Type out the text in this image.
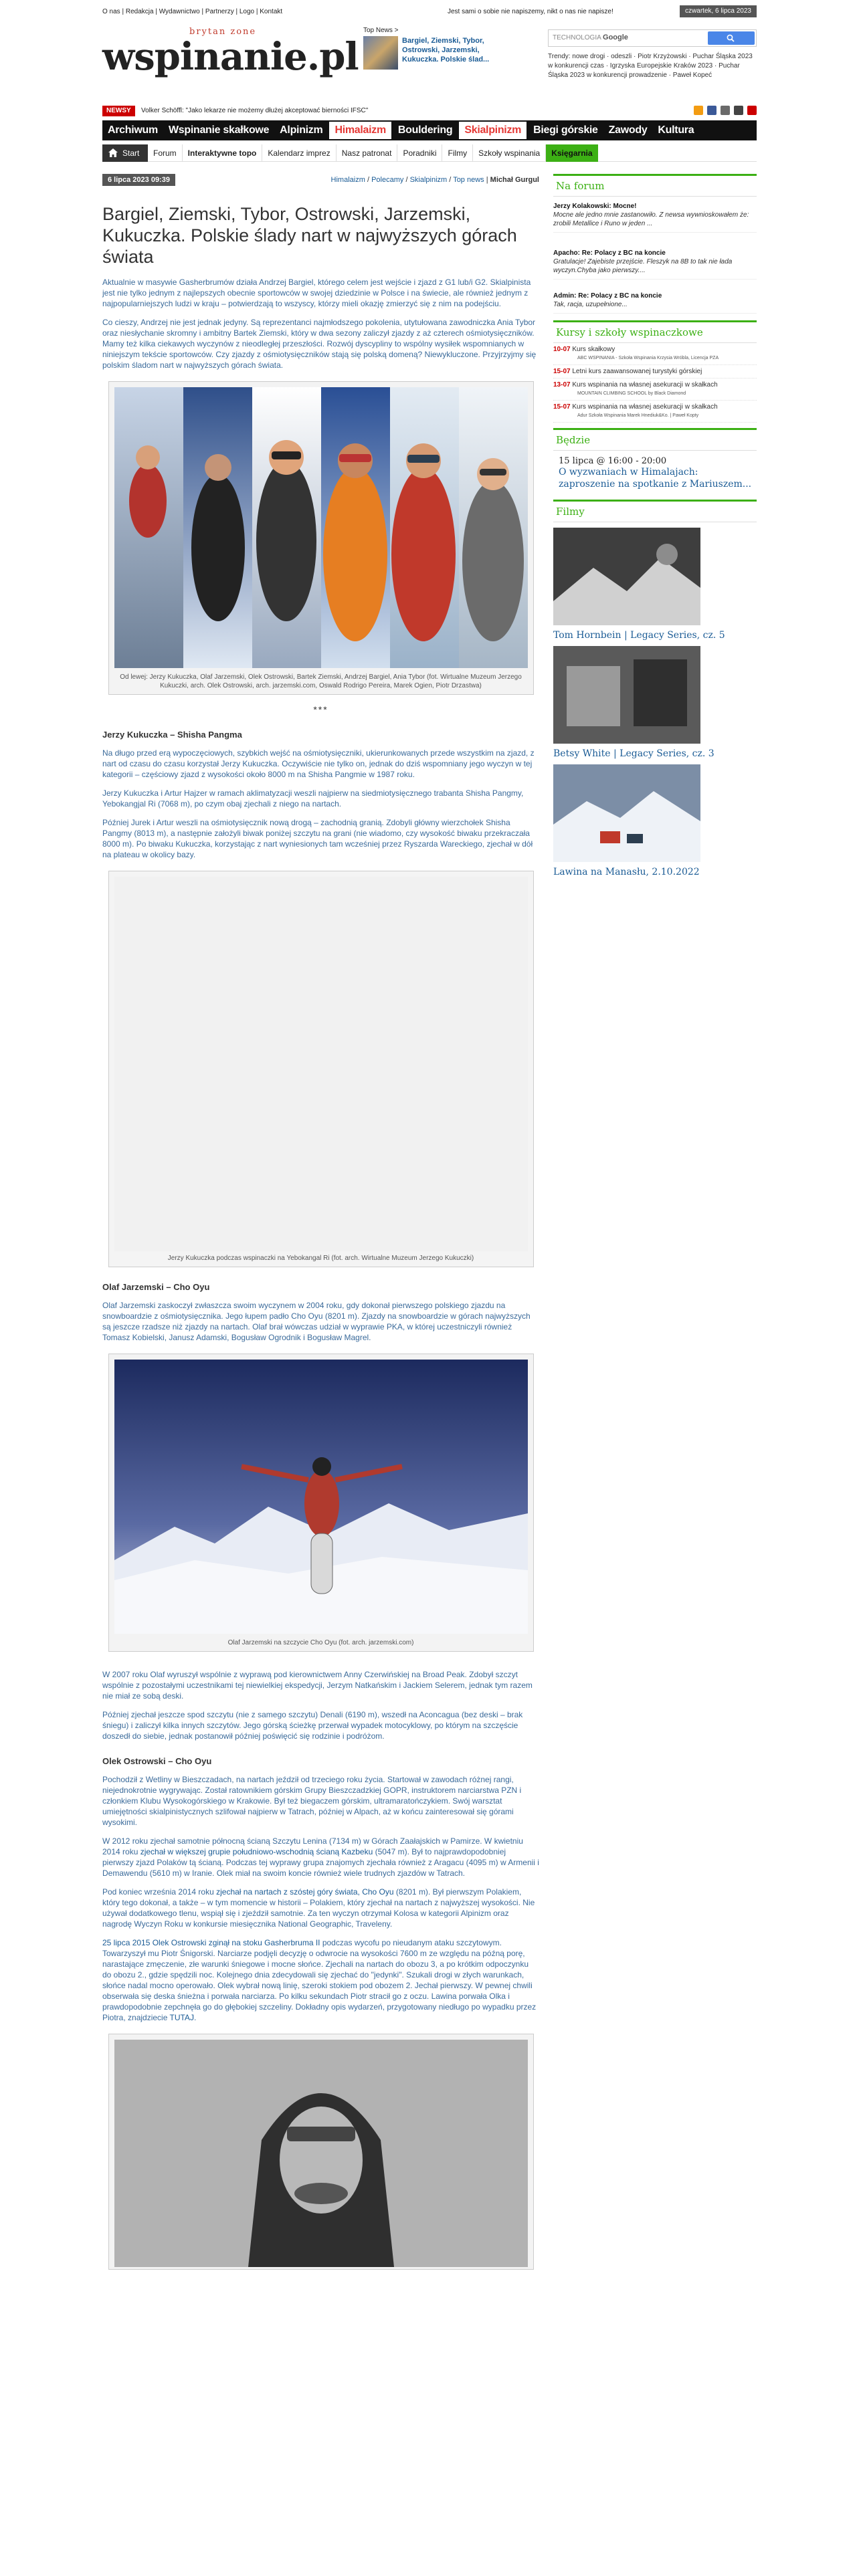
O nas | Redakcja | Wydawnictwo | Partnerzy | Logo | Kontakt	Jest sami o sobie nie napiszemy, nikt o nas nie napisze!	czwartek, 6 lipca 2023
brytan zone
wspinanie.pl
Top News >
Bargiel, Ziemski, Tybor, Ostrowski, Jarzemski, Kukuczka. Polskie ślad...
TECHNOLOGIA Google
Trendy: nowe drogi · odeszli · Piotr Krzyżowski · Puchar Śląska 2023 w konkurencji czas · Igrzyska Europejskie Kraków 2023 · Puchar Śląska 2023 w konkurencji prowadzenie · Paweł Kopeć
NEWSY	Volker Schöffl: "Jako lekarze nie możemy dłużej akceptować bierności IFSC"

Archiwum	Wspinanie skałkowe	Alpinizm	Himalaizm	Bouldering	Skialpinizm	Biegi górskie	Zawody	Kultura
Start	Forum	Interaktywne topo	Kalendarz imprez	Nasz patronat	Poradniki	Filmy	Szkoły wspinania	Księgarnia
6 lipca 2023 09:39	Himalaizm / Polecamy / Skialpinizm / Top news | Michał Gurgul
Bargiel, Ziemski, Tybor, Ostrowski, Jarzemski, Kukuczka. Polskie ślady nart w najwyższych górach świata

Aktualnie w masywie Gasherbrumów działa Andrzej Bargiel, którego celem jest wejście i zjazd z G1 lub/i G2. Skialpinista jest nie tylko jednym z najlepszych obecnie sportowców w swojej dziedzinie w Polsce i na świecie, ale również jednym z najpopularniejszych ludzi w kraju – potwierdzają to wszyscy, którzy mieli okazję zmierzyć się z nim na podejściu.

Co cieszy, Andrzej nie jest jednak jedyny. Są reprezentanci najmłodszego pokolenia, utytułowana zawodniczka Ania Tybor oraz niesłychanie skromny i ambitny Bartek Ziemski, który w dwa sezony zaliczył zjazdy z aż czterech ośmiotysięczników. Mamy też kilka ciekawych wyczynów z nieodległej przeszłości. Rozwój dyscypliny to wspólny wysiłek wspomnianych w niniejszym tekście sportowców. Czy zjazdy z ośmiotysięczników stają się polską domeną? Niewykluczone. Przyjrzyjmy się polskim śladom nart w najwyższych górach świata.

Od lewej: Jerzy Kukuczka, Olaf Jarzemski, Olek Ostrowski, Bartek Ziemski, Andrzej Bargiel, Ania Tybor (fot. Wirtualne Muzeum Jerzego Kukuczki, arch. Olek Ostrowski, arch. jarzemski.com, Oswald Rodrigo Pereira, Marek Ogien, Piotr Drzastwa)
***
Jerzy Kukuczka – Shisha Pangma

Na długo przed erą wypoczęciowych, szybkich wejść na ośmiotysięczniki, ukierunkowanych przede wszystkim na zjazd, z nart od czasu do czasu korzystał Jerzy Kukuczka. Oczywiście nie tylko on, jednak do dziś wspomniany jego wyczyn w tej kategorii – częściowy zjazd z wysokości około 8000 m na Shisha Pangmie w 1987 roku.

Jerzy Kukuczka i Artur Hajzer w ramach aklimatyzacji weszli najpierw na siedmiotysięcznego trabanta Shisha Pangmy, Yebokangjal Ri (7068 m), po czym obaj zjechali z niego na nartach.

Później Jurek i Artur weszli na ośmiotysięcznik nową drogą – zachodnią granią. Zdobyli główny wierzchołek Shisha Pangmy (8013 m), a następnie założyli biwak poniżej szczytu na grani (nie wiadomo, czy wysokość biwaku przekraczała 8000 m). Po biwaku Kukuczka, korzystając z nart wyniesionych tam wcześniej przez Ryszarda Wareckiego, zjechał w dół na plateau w okolicy bazy.

Jerzy Kukuczka podczas wspinaczki na Yebokangal Ri (fot. arch. Wirtualne Muzeum Jerzego Kukuczki)
Olaf Jarzemski – Cho Oyu

Olaf Jarzemski zaskoczył zwłaszcza swoim wyczynem w 2004 roku, gdy dokonał pierwszego polskiego zjazdu na snowboardzie z ośmiotysięcznika. Jego łupem padło Cho Oyu (8201 m). Zjazdy na snowboardzie w górach najwyższych są jeszcze rzadsze niż zjazdy na nartach. Olaf brał wówczas udział w wyprawie PKA, w której uczestniczyli również Tomasz Kobielski, Janusz Adamski, Bogusław Ogrodnik i Bogusław Magrel.

Olaf Jarzemski na szczycie Cho Oyu (fot. arch. jarzemski.com)

W 2007 roku Olaf wyruszył wspólnie z wyprawą pod kierownictwem Anny Czerwińskiej na Broad Peak. Zdobył szczyt wspólnie z pozostałymi uczestnikami tej niewielkiej ekspedycji, Jerzym Natkańskim i Jackiem Selerem, jednak tym razem nie miał ze sobą deski.

Później zjechał jeszcze spod szczytu (nie z samego szczytu) Denali (6190 m), wszedł na Aconcagua (bez deski – brak śniegu) i zaliczył kilka innych szczytów. Jego górską ścieżkę przerwał wypadek motocyklowy, po którym na szczęście doszedł do siebie, jednak postanowił później poświęcić się rodzinie i podróżom.

Olek Ostrowski – Cho Oyu

Pochodził z Wetliny w Bieszczadach, na nartach jeździł od trzeciego roku życia. Startował w zawodach różnej rangi, niejednokrotnie wygrywając. Został ratownikiem górskim Grupy Bieszczadzkiej GOPR, instruktorem narciarstwa PZN i członkiem Klubu Wysokogórskiego w Krakowie. Był też biegaczem górskim, ultramaratończykiem. Swój warsztat umiejętności skialpinistycznych szlifował najpierw w Tatrach, później w Alpach, aż w końcu zainteresował się górami wysokimi.

W 2012 roku zjechał samotnie północną ścianą Szczytu Lenina (7134 m) w Górach Zaałajskich w Pamirze. W kwietniu 2014 roku zjechał w większej grupie południowo-wschodnią ścianą Kazbeku (5047 m). Był to najprawdopodobniej pierwszy zjazd Polaków tą ścianą. Podczas tej wyprawy grupa znajomych zjechała również z Aragacu (4095 m) w Armenii i Demawendu (5610 m) w Iranie. Olek miał na swoim koncie również wiele trudnych zjazdów w Tatrach.

Pod koniec września 2014 roku zjechał na nartach z szóstej góry świata, Cho Oyu (8201 m). Był pierwszym Polakiem, który tego dokonał, a także – w tym momencie w historii – Polakiem, który zjechał na nartach z najwyższej wysokości. Nie używał dodatkowego tlenu, wspiął się i zjeździł samotnie. Za ten wyczyn otrzymał Kolosa w kategorii Alpinizm oraz nagrodę Wyczyn Roku w konkursie miesięcznika National Geographic, Traveleny.

25 lipca 2015 Olek Ostrowski zginął na stoku Gasherbruma II podczas wycofu po nieudanym ataku szczytowym. Towarzyszył mu Piotr Śnigorski. Narciarze podjęli decyzję o odwrocie na wysokości 7600 m ze względu na późną porę, narastające zmęczenie, złe warunki śniegowe i mocne słońce. Zjechali na nartach do obozu 3, a po krótkim odpoczynku do obozu 2., gdzie spędzili noc. Kolejnego dnia zdecydowali się zjechać do "jedynki". Szukali drogi w złych warunkach, słońce nadal mocno operowało. Olek wybrał nową linię, szeroki stokiem pod obozem 2. Jechał pierwszy. W pewnej chwili obserwała się deska śnieżna i porwała narciarza. Po kilku sekundach Piotr stracił go z oczu. Lawina porwała Olka i prawdopodobnie zepchnęła go do głębokiej szczeliny. Dokładny opis wydarzeń, przygotowany niedługo po wypadku przez Piotra, znajdziecie TUTAJ.

Na forum
Jerzy Kolakowski: Mocne!
Mocne ale jedno mnie zastanowiło. Z newsa wywnioskowałem że: zrobili Metallice i Runo w jeden ...
Apacho: Re: Polacy z BC na koncie
Gratulacje! Zajebiste przejście. Fleszyk na 8B to tak nie łada wyczyn.Chyba jako pierwszy....
Admin: Re: Polacy z BC na koncie
Tak, racja, uzupełnione...
Kursy i szkoły wspinaczkowe
10-07 Kurs skałkowy
ABC WSPINANIA - Szkoła Wspinania Krzysia Wróbla, Licencja PZA
15-07 Letni kurs zaawansowanej turystyki górskiej
13-07 Kurs wspinania na własnej asekuracji w skałkach
MOUNTAIN CLIMBING SCHOOL by Black Diamond
15-07 Kurs wspinania na własnej asekuracji w skałkach
Adur Szkoła Wspinania Marek Hnediuk&Ko. | Paweł Kopty
Będzie
15 lipca @ 16:00 - 20:00
O wyzwaniach w Himalajach: zaproszenie na spotkanie z Mariuszem...
Filmy
Tom Hornbein | Legacy Series, cz. 5
Betsy White | Legacy Series, cz. 3
Lawina na Manasłu, 2.10.2022
